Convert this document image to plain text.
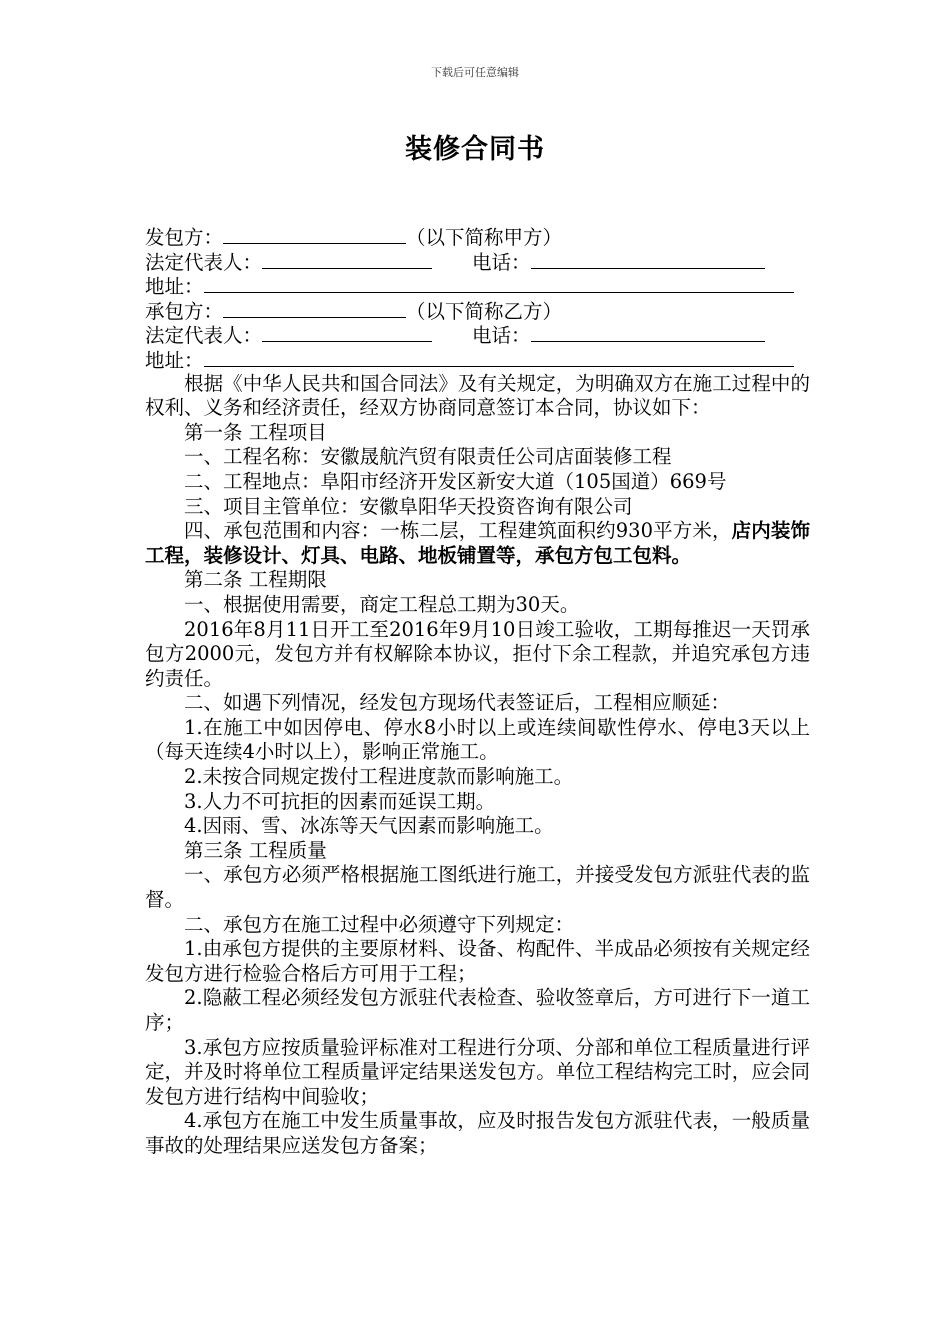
下载后可任意编辑
装修合同书
发包方：	（以下简称甲方）
法定代表人：	电话：
地址：
承包方：	（以下简称乙方）
法定代表人：	电话：
地址：
根据《中华人民共和国合同法》及有关规定，为明确双方在施工过程中的权利、义务和经济责任，经双方协商同意签订本合同，协议如下：
第一条 工程项目
一、工程名称：安徽晟航汽贸有限责任公司店面装修工程
二、工程地点：阜阳市经济开发区新安大道（105国道）669号
三、项目主管单位：安徽阜阳华天投资咨询有限公司
四、承包范围和内容：一栋二层，工程建筑面积约930平方米，店内装饰工程，装修设计、灯具、电路、地板铺置等，承包方包工包料。
第二条 工程期限
一、根据使用需要，商定工程总工期为30天。
2016年8月11日开工至2016年9月10日竣工验收，工期每推迟一天罚承包方2000元，发包方并有权解除本协议，拒付下余工程款，并追究承包方违约责任。
二、如遇下列情况，经发包方现场代表签证后，工程相应顺延：
1.在施工中如因停电、停水8小时以上或连续间歇性停水、停电3天以上（每天连续4小时以上），影响正常施工。
2.未按合同规定拨付工程进度款而影响施工。
3.人力不可抗拒的因素而延误工期。
4.因雨、雪、冰冻等天气因素而影响施工。
第三条 工程质量
一、承包方必须严格根据施工图纸进行施工，并接受发包方派驻代表的监督。
二、承包方在施工过程中必须遵守下列规定：
1.由承包方提供的主要原材料、设备、构配件、半成品必须按有关规定经发包方进行检验合格后方可用于工程；
2.隐蔽工程必须经发包方派驻代表检查、验收签章后，方可进行下一道工序；
3.承包方应按质量验评标准对工程进行分项、分部和单位工程质量进行评定，并及时将单位工程质量评定结果送发包方。单位工程结构完工时，应会同发包方进行结构中间验收；
4.承包方在施工中发生质量事故，应及时报告发包方派驻代表，一般质量事故的处理结果应送发包方备案；
